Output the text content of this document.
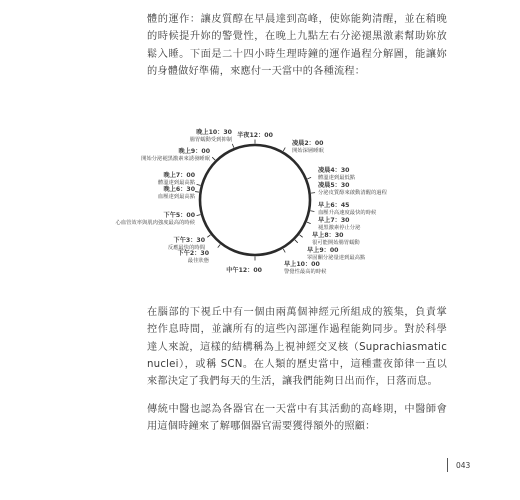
體的運作：讓皮質醇在早晨達到高峰，使妳能夠清醒，並在稍晚的時候提升妳的警覺性，在晚上九點左右分泌褪黑激素幫助妳放鬆入睡。下面是二十四小時生理時鐘的運作過程分解圖，能讓妳的身體做好準備，來應付一天當中的各種流程：

半夜12：00
凌晨2：00
開始深層睡眠
凌晨4：30
體溫達到最低點
凌晨5：30
分泌皮質醇來啟動清醒的過程
早上6：45
血壓升高速度最快的時候
早上7：30
褪黑激素停止分泌
早上8：30
很可能開始腸胃蠕動
早上9：00
睪固酮分泌量達到最高點
早上10：00
警覺性最高的時候
中午12：00
下午2：30
最佳狀態
下午3：30
反應最快的時間
下午5：00
心血管效率與肌肉強度最高的時候
晚上6：30
血壓達到最高點
晚上7：00
體溫達到最高點
晚上9：00
開始分泌褪黑激素來誘發睡眠
晚上10：30
腸胃蠕動受到抑制

在腦部的下視丘中有一個由兩萬個神經元所組成的簇集，負責掌控作息時間，並讓所有的這些內部運作過程能夠同步。對於科學達人來說，這樣的結構稱為上視神經交叉核（Suprachiasmatic nuclei），或稱 SCN。在人類的歷史當中，這種畫夜節律一直以來都決定了我們每天的生活，讓我們能夠日出而作，日落而息。

傳統中醫也認為各器官在一天當中有其活動的高峰期，中醫師會用這個時鐘來了解哪個器官需要獲得額外的照顧：

043
